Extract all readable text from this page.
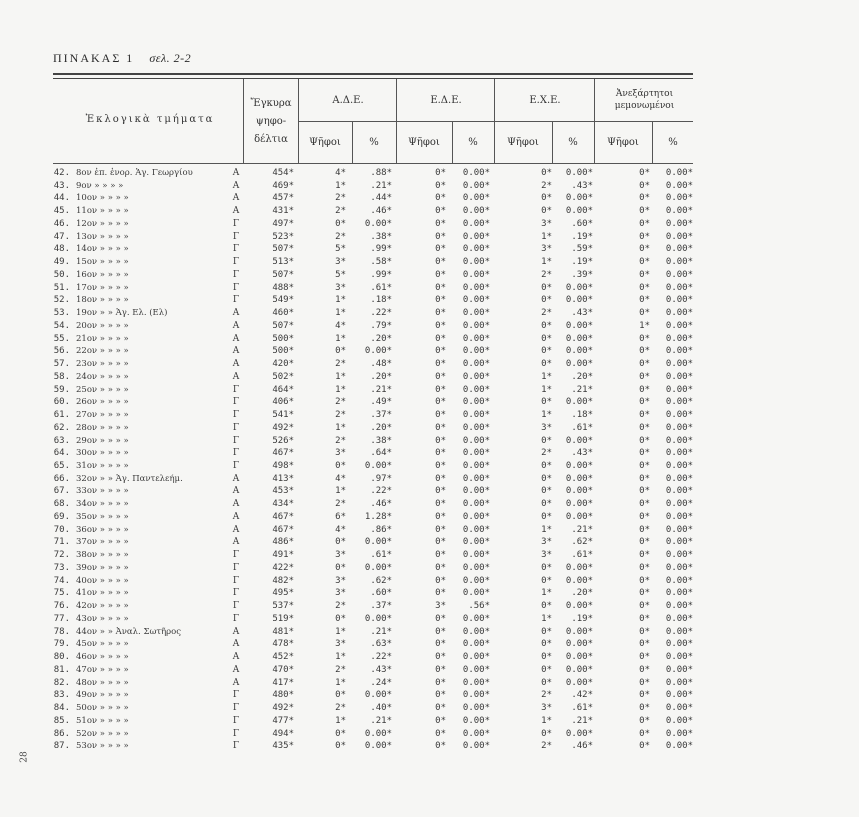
ΠΙΝΑΚΑΣ 1 σελ. 2-2
Ἐκλογικὰ τμήματα
Ἔγκυρα
ψηφο-
δέλτια
Α.Δ.Ε.	Ε.Δ.Ε.	Ε.Χ.Ε.
Ἀνεξάρτητοι
μεμονωμένοι
Ψῆφοι	%	Ψῆφοι	%	Ψῆφοι	%	Ψῆφοι	%
42. 8ον ἐπ. ἐνορ. Ἁγ. Γεωργίου	Α	454*	4*	.88*	0*	0.00*	0*	0.00*	0*	0.00*
43. 9ον » » » »	Α	469*	1*	.21*	0*	0.00*	2*	.43*	0*	0.00*
44. 10ον » » » »	Α	457*	2*	.44*	0*	0.00*	0*	0.00*	0*	0.00*
45. 11ον » » » »	Α	431*	2*	.46*	0*	0.00*	0*	0.00*	0*	0.00*
46. 12ον » » » »	Γ	497*	0*	0.00*	0*	0.00*	3*	.60*	0*	0.00*
47. 13ον » » » »	Γ	523*	2*	.38*	0*	0.00*	1*	.19*	0*	0.00*
48. 14ον » » » »	Γ	507*	5*	.99*	0*	0.00*	3*	.59*	0*	0.00*
49. 15ον » » » »	Γ	513*	3*	.58*	0*	0.00*	1*	.19*	0*	0.00*
50. 16ον » » » »	Γ	507*	5*	.99*	0*	0.00*	2*	.39*	0*	0.00*
51. 17ον » » » »	Γ	488*	3*	.61*	0*	0.00*	0*	0.00*	0*	0.00*
52. 18ον » » » »	Γ	549*	1*	.18*	0*	0.00*	0*	0.00*	0*	0.00*
53. 19ον » » Ἁγ. Ελ. (Ελ)	Α	460*	1*	.22*	0*	0.00*	2*	.43*	0*	0.00*
54. 20ον » » » »	Α	507*	4*	.79*	0*	0.00*	0*	0.00*	1*	0.00*
55. 21ον » » » »	Α	500*	1*	.20*	0*	0.00*	0*	0.00*	0*	0.00*
56. 22ον » » » »	Α	500*	0*	0.00*	0*	0.00*	0*	0.00*	0*	0.00*
57. 23ον » » » »	Α	420*	2*	.48*	0*	0.00*	0*	0.00*	0*	0.00*
58. 24ον » » » »	Α	502*	1*	.20*	0*	0.00*	1*	.20*	0*	0.00*
59. 25ον » » » »	Γ	464*	1*	.21*	0*	0.00*	1*	.21*	0*	0.00*
60. 26ον » » » »	Γ	406*	2*	.49*	0*	0.00*	0*	0.00*	0*	0.00*
61. 27ον » » » »	Γ	541*	2*	.37*	0*	0.00*	1*	.18*	0*	0.00*
62. 28ον » » » »	Γ	492*	1*	.20*	0*	0.00*	3*	.61*	0*	0.00*
63. 29ον » » » »	Γ	526*	2*	.38*	0*	0.00*	0*	0.00*	0*	0.00*
64. 30ον » » » »	Γ	467*	3*	.64*	0*	0.00*	2*	.43*	0*	0.00*
65. 31ον » » » »	Γ	498*	0*	0.00*	0*	0.00*	0*	0.00*	0*	0.00*
66. 32ον » » Ἁγ. Παντελεήμ.	Α	413*	4*	.97*	0*	0.00*	0*	0.00*	0*	0.00*
67. 33ον » » » »	Α	453*	1*	.22*	0*	0.00*	0*	0.00*	0*	0.00*
68. 34ον » » » »	Α	434*	2*	.46*	0*	0.00*	0*	0.00*	0*	0.00*
69. 35ον » » » »	Α	467*	6*	1.28*	0*	0.00*	0*	0.00*	0*	0.00*
70. 36ον » » » »	Α	467*	4*	.86*	0*	0.00*	1*	.21*	0*	0.00*
71. 37ον » » » »	Α	486*	0*	0.00*	0*	0.00*	3*	.62*	0*	0.00*
72. 38ον » » » »	Γ	491*	3*	.61*	0*	0.00*	3*	.61*	0*	0.00*
73. 39ον » » » »	Γ	422*	0*	0.00*	0*	0.00*	0*	0.00*	0*	0.00*
74. 40ον » » » »	Γ	482*	3*	.62*	0*	0.00*	0*	0.00*	0*	0.00*
75. 41ον » » » »	Γ	495*	3*	.60*	0*	0.00*	1*	.20*	0*	0.00*
76. 42ον » » » »	Γ	537*	2*	.37*	3*	.56*	0*	0.00*	0*	0.00*
77. 43ον » » » »	Γ	519*	0*	0.00*	0*	0.00*	1*	.19*	0*	0.00*
78. 44ον » » Ἀναλ. Σωτῆρος	Α	481*	1*	.21*	0*	0.00*	0*	0.00*	0*	0.00*
79. 45ον » » » »	Α	478*	3*	.63*	0*	0.00*	0*	0.00*	0*	0.00*
80. 46ον » » » »	Α	452*	1*	.22*	0*	0.00*	0*	0.00*	0*	0.00*
81. 47ον » » » »	Α	470*	2*	.43*	0*	0.00*	0*	0.00*	0*	0.00*
82. 48ον » » » »	Α	417*	1*	.24*	0*	0.00*	0*	0.00*	0*	0.00*
83. 49ον » » » »	Γ	480*	0*	0.00*	0*	0.00*	2*	.42*	0*	0.00*
84. 50ον » » » »	Γ	492*	2*	.40*	0*	0.00*	3*	.61*	0*	0.00*
85. 51ον » » » »	Γ	477*	1*	.21*	0*	0.00*	1*	.21*	0*	0.00*
86. 52ον » » » »	Γ	494*	0*	0.00*	0*	0.00*	0*	0.00*	0*	0.00*
87. 53ον » » » »	Γ	435*	0*	0.00*	0*	0.00*	2*	.46*	0*	0.00*
28
